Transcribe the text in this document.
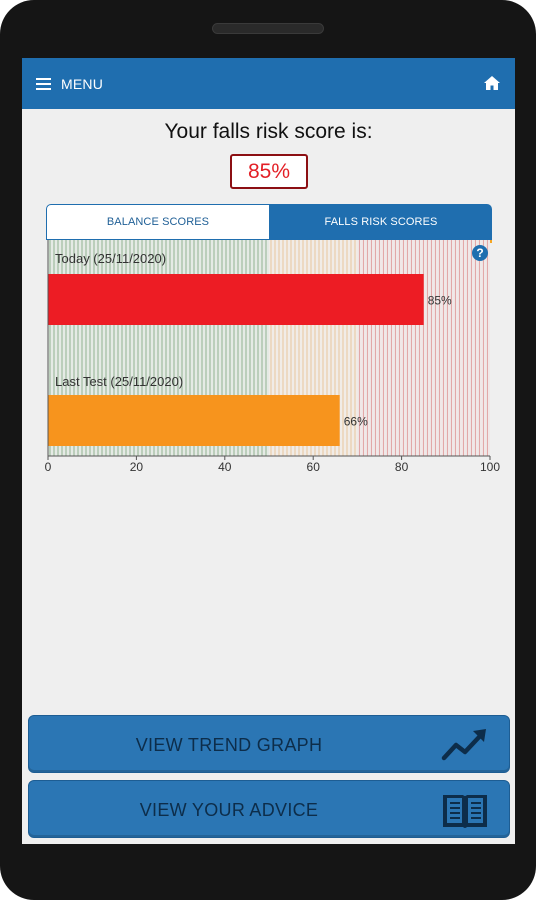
MENU
Your falls risk score is:
85%
BALANCE SCORES	FALLS RISK SCORES
Today (25/11/2020)
85%
Last Test (25/11/2020)
66%
0	20	40	60	80	100
?
VIEW TREND GRAPH
VIEW YOUR ADVICE
